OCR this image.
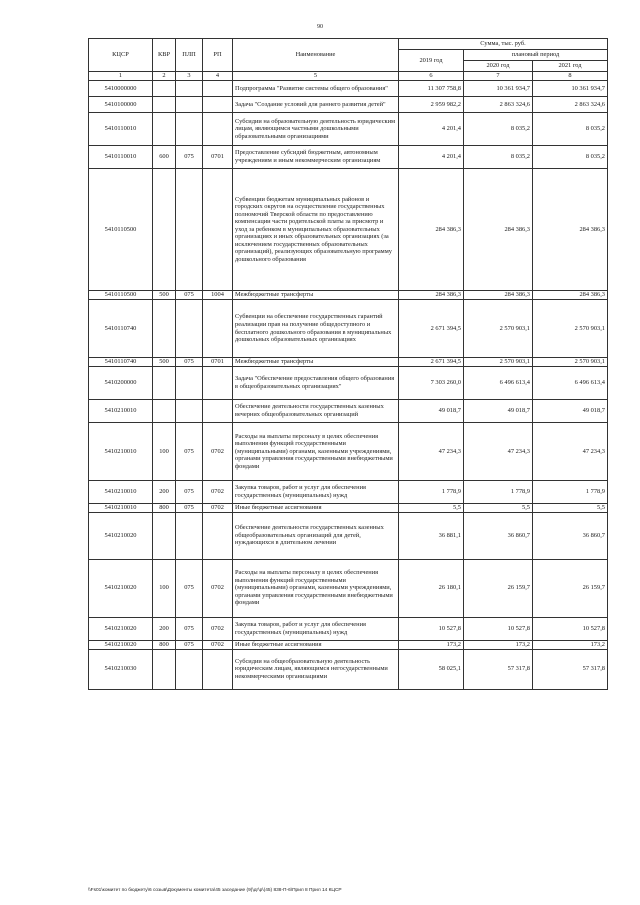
90
КЦСР	КВР	ПЛП	РП	Наименование	Сумма, тыс. руб.		
					2019 год	плановый период	
						2020 год	2021 год
1	2	3	4	5	6	7	8
5410000000				Подпрограмма "Развитие системы общего образования"	11 307 758,8	10 361 934,7	10 361 934,7
5410100000				Задача "Создание условий для раннего развития детей"	2 959 982,2	2 863 324,6	2 863 324,6
5410110010				Субсидии на образовательную деятельность юридическим лицам, являющимся частными дошкольными образовательными организациями	4 201,4	8 035,2	8 035,2
5410110010	600	075	0701	Предоставление субсидий бюджетным, автономным учреждениям и иным некоммерческим организациям	4 201,4	8 035,2	8 035,2
5410110500				Субвенции бюджетам муниципальных районов и городских округов на осуществление государственных полномочий Тверской области по предоставлению компенсации части родительской платы за присмотр и уход за ребенком в муниципальных образовательных организациях и иных образовательных организациях (за исключением государственных образовательных организаций), реализующих образовательную программу дошкольного образования	284 386,3	284 386,3	284 386,3
5410110500	500	075	1004	Межбюджетные трансферты	284 386,3	284 386,3	284 386,3
5410110740				Субвенции на обеспечение государственных гарантий реализации прав на получение общедоступного и бесплатного дошкольного образования в муниципальных дошкольных образовательных организациях	2 671 394,5	2 570 903,1	2 570 903,1
5410110740	500	075	0701	Межбюджетные трансферты	2 671 394,5	2 570 903,1	2 570 903,1
5410200000				Задача "Обеспечение предоставления общего образования в общеобразовательных организациях"	7 303 260,0	6 496 613,4	6 496 613,4
5410210010				Обеспечение деятельности государственных казенных вечерних общеобразовательных организаций	49 018,7	49 018,7	49 018,7
5410210010	100	075	0702	Расходы на выплаты персоналу в целях обеспечения выполнения функций государственными (муниципальными) органами, казенными учреждениями, органами управления государственными внебюджетными фондами	47 234,3	47 234,3	47 234,3
5410210010	200	075	0702	Закупка товаров, работ и услуг для обеспечения государственных (муниципальных) нужд	1 778,9	1 778,9	1 778,9
5410210010	800	075	0702	Иные бюджетные ассигнования	5,5	5,5	5,5
5410210020				Обеспечение деятельности государственных казенных общеобразовательных организаций для детей, нуждающихся в длительном лечении	36 881,1	36 860,7	36 860,7
5410210020	100	075	0702	Расходы на выплаты персоналу в целях обеспечения выполнения функций государственными (муниципальными) органами, казенными учреждениями, органами управления государственными внебюджетными фондами	26 180,1	26 159,7	26 159,7
5410210020	200	075	0702	Закупка товаров, работ и услуг для обеспечения государственных (муниципальных) нужд	10 527,8	10 527,8	10 527,8
5410210020	800	075	0702	Иные бюджетные ассигнования	173,2	173,2	173,2
5410210030				Субсидии на общеобразовательную деятельность юридическим лицам, являющимся негосударственными некоммерческими организациями	58 025,1	57 317,8	57 317,8
\\Fs01\комитет по бюджету\6 созыв\Документы комитета\45 заседание (9)\дг\р\(45) 838-П-6\Прил 8 Прил 14 КЦСР
